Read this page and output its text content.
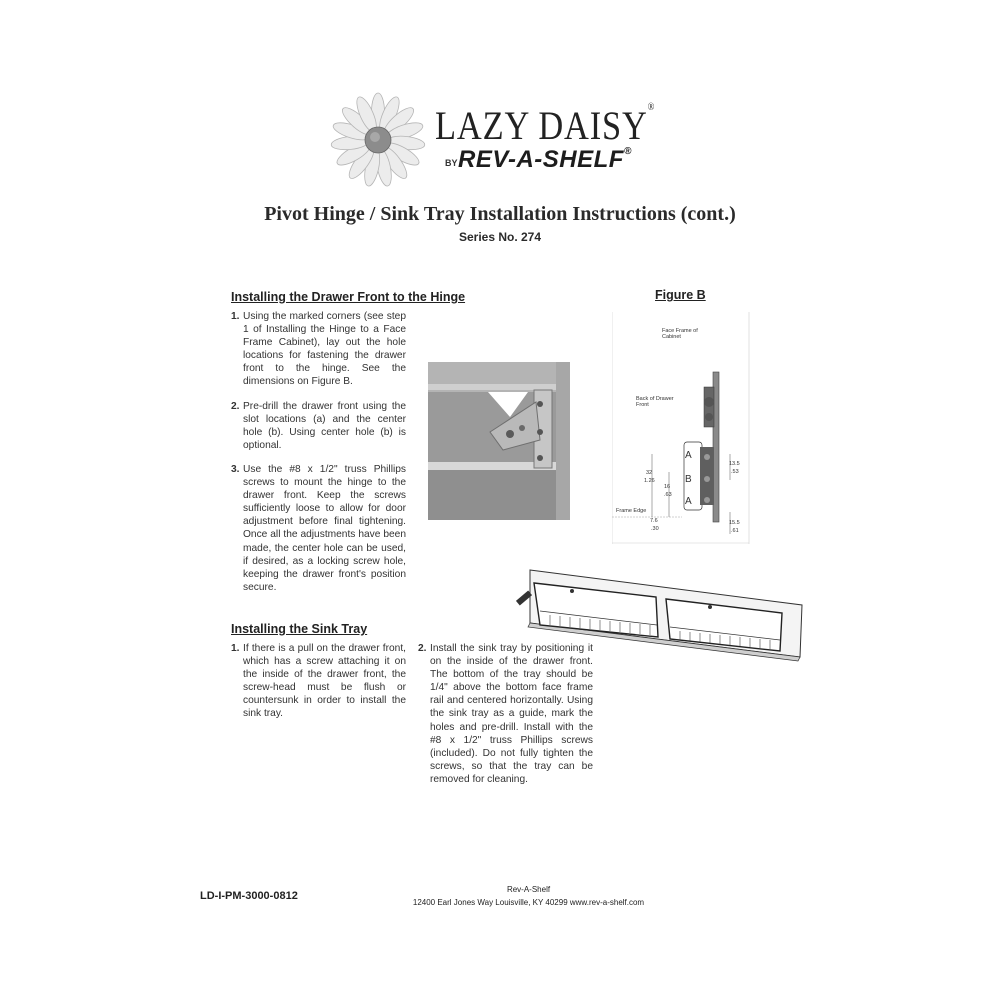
LAZY DAISY®
BY REV-A-SHELF®
Pivot Hinge / Sink Tray Installation Instructions (cont.)
Series No. 274
Installing the Drawer Front to the Hinge
1. Using the marked corners (see step 1 of Installing the Hinge to a Face Frame Cabinet), lay out the hole locations for fastening the drawer front to the hinge. See the dimensions on Figure B.
2. Pre-drill the drawer front using the slot locations (a) and the center hole (b). Using center hole (b) is optional.
3. Use the #8 x 1/2" truss Phillips screws to mount the hinge to the drawer front. Keep the screws sufficiently loose to allow for door adjustment before final tightening. Once all the adjustments have been made, the center hole can be used, if desired, as a locking screw hole, keeping the drawer front's position secure.
Figure B
Face Frame of Cabinet
Back of Drawer Front
Frame Edge
A
B
A
32
1.26
16
.63
13.5
.53
7.6
.30
15.5
.61
Installing the Sink Tray
1. If there is a pull on the drawer front, which has a screw attaching it on the inside of the drawer front, the screw-head must be flush or countersunk in order to install the sink tray.
2. Install the sink tray by positioning it on the inside of the drawer front. The bottom of the tray should be 1/4" above the bottom face frame rail and centered horizontally. Using the sink tray as a guide, mark the holes and pre-drill. Install with the #8 x 1/2" truss Phillips screws (included). Do not fully tighten the screws, so that the tray can be removed for cleaning.
LD-I-PM-3000-0812
Rev-A-Shelf
12400 Earl Jones Way Louisville, KY 40299 www.rev-a-shelf.com
